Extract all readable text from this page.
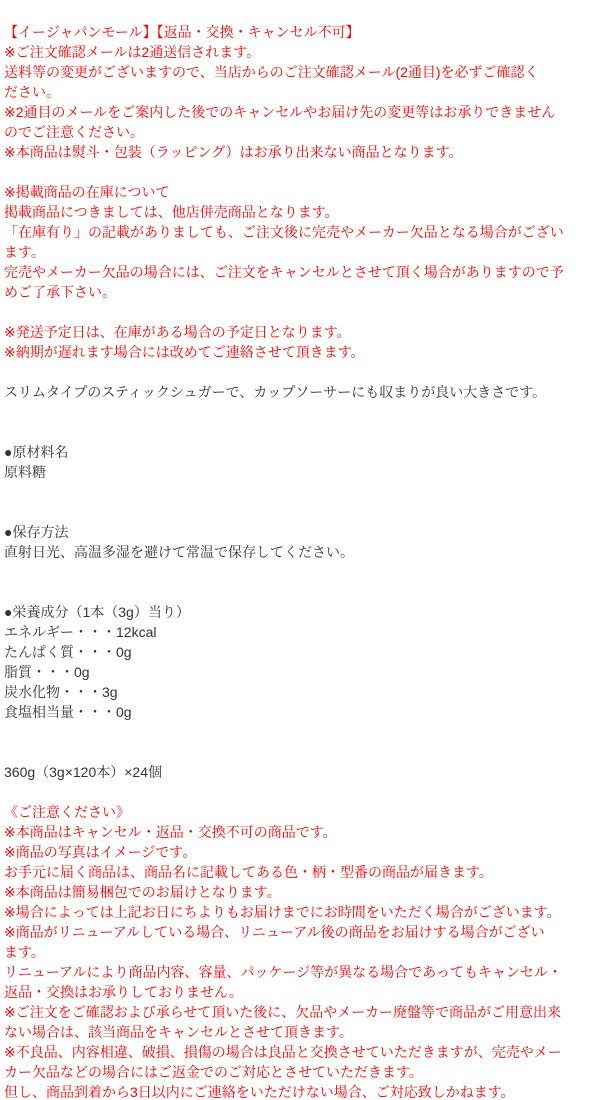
【イージャパンモール】【返品・交換・キャンセル不可】
※ご注文確認メールは2通送信されます。
送料等の変更がございますので、当店からのご注文確認メール(2通目)を必ずご確認く
ださい。
※2通目のメールをご案内した後でのキャンセルやお届け先の変更等はお承りできません
のでご注意ください。
※本商品は熨斗・包装（ラッピング）はお承り出来ない商品となります。
※掲載商品の在庫について
掲載商品につきましては、他店併売商品となります。
「在庫有り」の記載がありましても、ご注文後に完売やメーカー欠品となる場合がござい
ます。
完売やメーカー欠品の場合には、ご注文をキャンセルとさせて頂く場合がありますので予
めご了承下さい。
※発送予定日は、在庫がある場合の予定日となります。
※納期が遅れます場合には改めてご連絡させて頂きます。
スリムタイプのスティックシュガーで、カップソーサーにも収まりが良い大きさです。
●原材料名
原料糖
●保存方法
直射日光、高温多湿を避けて常温で保存してください。
●栄養成分（1本（3g）当り）
エネルギー・・・12kcal
たんぱく質・・・0g
脂質・・・0g
炭水化物・・・3g
食塩相当量・・・0g
360g（3g×120本）×24個
《ご注意ください》
※本商品はキャンセル・返品・交換不可の商品です。
※商品の写真はイメージです。
お手元に届く商品は、商品名に記載してある色・柄・型番の商品が届きます。
※本商品は簡易梱包でのお届けとなります。
※場合によっては上記お日にちよりもお届けまでにお時間をいただく場合がございます。
※商品がリニューアルしている場合、リニューアル後の商品をお届けする場合がござい
ます。
リニューアルにより商品内容、容量、パッケージ等が異なる場合であってもキャンセル・
返品・交換はお承りしておりません。
※ご注文をご確認および承らせて頂いた後に、欠品やメーカー廃盤等で商品がご用意出来
ない場合は、該当商品をキャンセルとさせて頂きます。
※不良品、内容相違、破損、損傷の場合は良品と交換させていただきますが、完売やメー
カー欠品などの場合にはご返金でのご対応とさせていただきます。
但し、商品到着から3日以内にご連絡をいただけない場合、ご対応致しかねます。
